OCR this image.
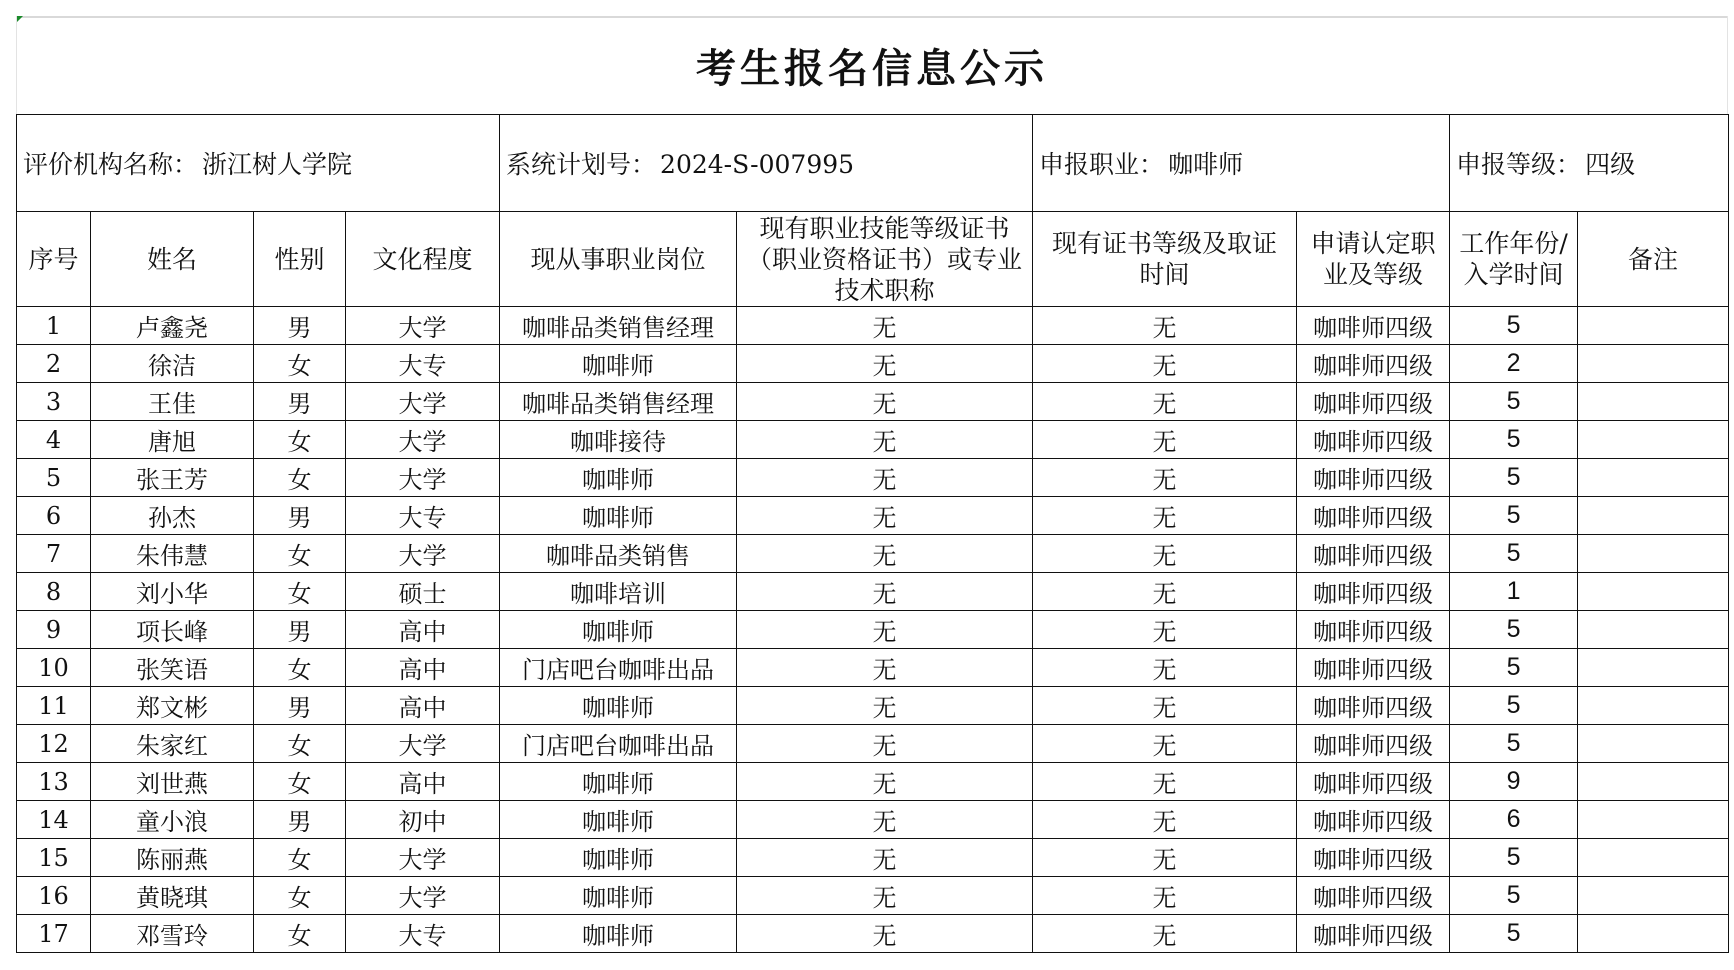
考生报名信息公示
评价机构名称： 浙江树人学院				系统计划号： 2024-S-007995		申报职业： 咖啡师		申报等级： 四级	
序号	姓名	性别	文化程度	现从事职业岗位	现有职业技能等级证书（职业资格证书）或专业技术职称	现有证书等级及取证时间	申请认定职业及等级	工作年份/入学时间	备注
1	卢鑫尧	男	大学	咖啡品类销售经理	无	无	咖啡师四级	5	
2	徐洁	女	大专	咖啡师	无	无	咖啡师四级	2	
3	王佳	男	大学	咖啡品类销售经理	无	无	咖啡师四级	5	
4	唐旭	女	大学	咖啡接待	无	无	咖啡师四级	5	
5	张王芳	女	大学	咖啡师	无	无	咖啡师四级	5	
6	孙杰	男	大专	咖啡师	无	无	咖啡师四级	5	
7	朱伟慧	女	大学	咖啡品类销售	无	无	咖啡师四级	5	
8	刘小华	女	硕士	咖啡培训	无	无	咖啡师四级	1	
9	项长峰	男	高中	咖啡师	无	无	咖啡师四级	5	
10	张笑语	女	高中	门店吧台咖啡出品	无	无	咖啡师四级	5	
11	郑文彬	男	高中	咖啡师	无	无	咖啡师四级	5	
12	朱家红	女	大学	门店吧台咖啡出品	无	无	咖啡师四级	5	
13	刘世燕	女	高中	咖啡师	无	无	咖啡师四级	9	
14	童小浪	男	初中	咖啡师	无	无	咖啡师四级	6	
15	陈丽燕	女	大学	咖啡师	无	无	咖啡师四级	5	
16	黄晓琪	女	大学	咖啡师	无	无	咖啡师四级	5	
17	邓雪玲	女	大专	咖啡师	无	无	咖啡师四级	5	
